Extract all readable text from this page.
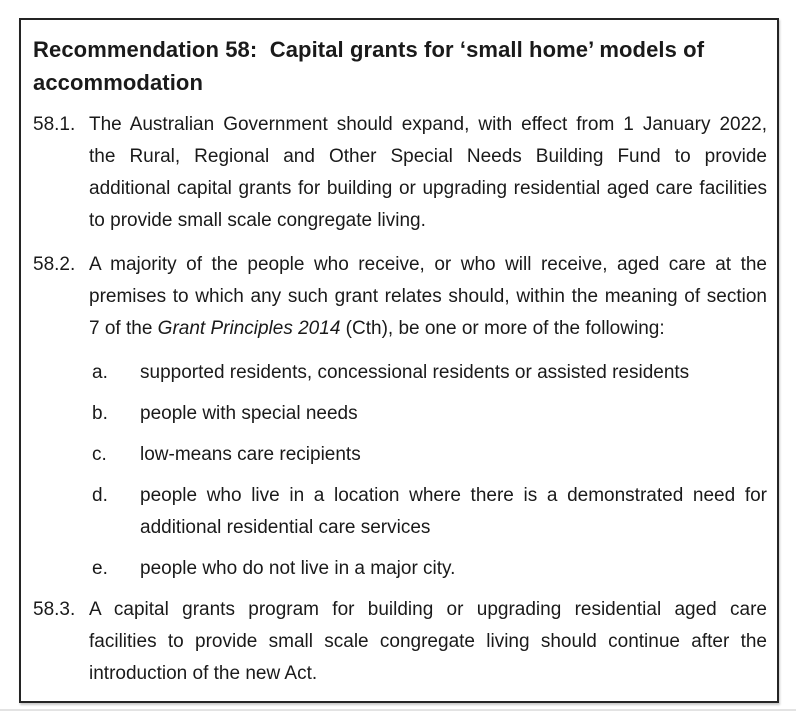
Recommendation 58:  Capital grants for ‘small home’ models of
accommodation
58.1. The Australian Government should expand, with effect from 1 January 2022,
the Rural, Regional and Other Special Needs Building Fund to provide
additional capital grants for building or upgrading residential aged care facilities
to provide small scale congregate living.
58.2. A majority of the people who receive, or who will receive, aged care at the
premises to which any such grant relates should, within the meaning of section
7 of the Grant Principles 2014 (Cth), be one or more of the following:
a.	supported residents, concessional residents or assisted residents
b.	people with special needs
c.	low-means care recipients
d.	people who live in a location where there is a demonstrated need for
additional residential care services
e.	people who do not live in a major city.
58.3. A capital grants program for building or upgrading residential aged care
facilities to provide small scale congregate living should continue after the
introduction of the new Act.
